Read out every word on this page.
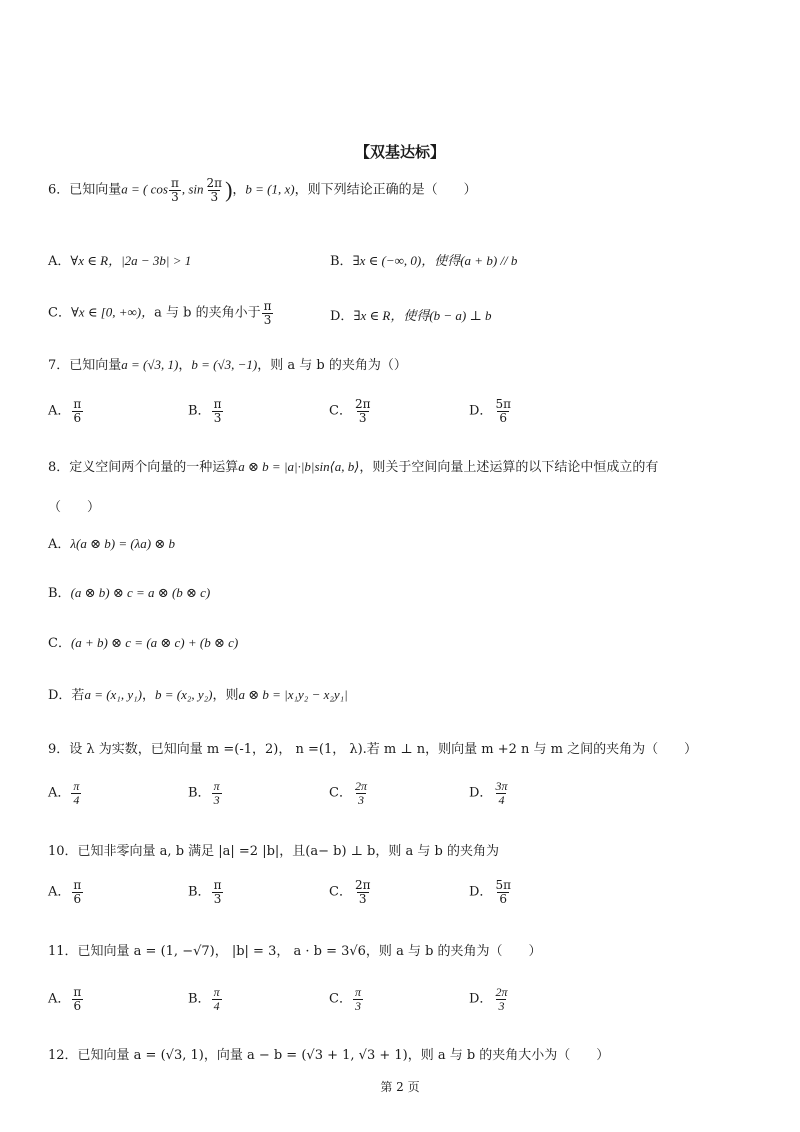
【双基达标】
6．已知向量a = ( $\cos \frac{\pi}{3}$ , $\sin \frac{2\pi}{3}$ )，b = (1, x)，则下列结论正确的是（　　）
A．∀x ∈ R，|2a − 3b| > 1	B．∃x ∈ (−∞, 0)，使得(a + b) // b
C．∀x ∈ [0, +∞)，a 与 b 的夹角小于 $\frac{\pi}{3}$	D．∃x ∈ R，使得(b − a) ⊥ b
7．已知向量a = (√3, 1)，b = (√3, −1)，则 a 与 b 的夹角为（）
A． $\frac{\pi}{6}$	B． $\frac{\pi}{3}$	C． $\frac{2\pi}{3}$	D． $\frac{5\pi}{6}$
8．定义空间两个向量的一种运算a ⊗ b = |a|·|b|sin⟨a, b⟩，则关于空间向量上述运算的以下结论中恒成立的有
（　　）
A．λ(a ⊗ b) = (λa) ⊗ b
B．(a ⊗ b) ⊗ c = a ⊗ (b ⊗ c)
C．(a + b) ⊗ c = (a ⊗ c) + (b ⊗ c)
D．若a = (x₁, y₁)，b = (x₂, y₂)，则a ⊗ b = |x₁y₂ − x₂y₁|
9．设 λ 为实数，已知向量 m =(-1，2)， n =(1， λ).若 m ⊥ n，则向量 m +2 n 与 m 之间的夹角为（　　）
A． $\frac{\pi}{4}$	B． $\frac{\pi}{3}$	C． $\frac{2\pi}{3}$	D． $\frac{3\pi}{4}$
10．已知非零向量 a, b 满足 |a| =2 |b|，且(a− b) ⊥ b，则 a 与 b 的夹角为
A． $\frac{\pi}{6}$	B． $\frac{\pi}{3}$	C． $\frac{2\pi}{3}$	D． $\frac{5\pi}{6}$
11．已知向量 a = (1, −√7)， |b| = 3， a · b = 3√6，则 a 与 b 的夹角为（　　）
A． $\frac{\pi}{6}$	B． $\frac{\pi}{4}$	C． $\frac{\pi}{3}$	D． $\frac{2\pi}{3}$
12．已知向量 a = (√3, 1)，向量 a − b = (√3 + 1, √3 + 1)，则 a 与 b 的夹角大小为（　　）
第 2 页
